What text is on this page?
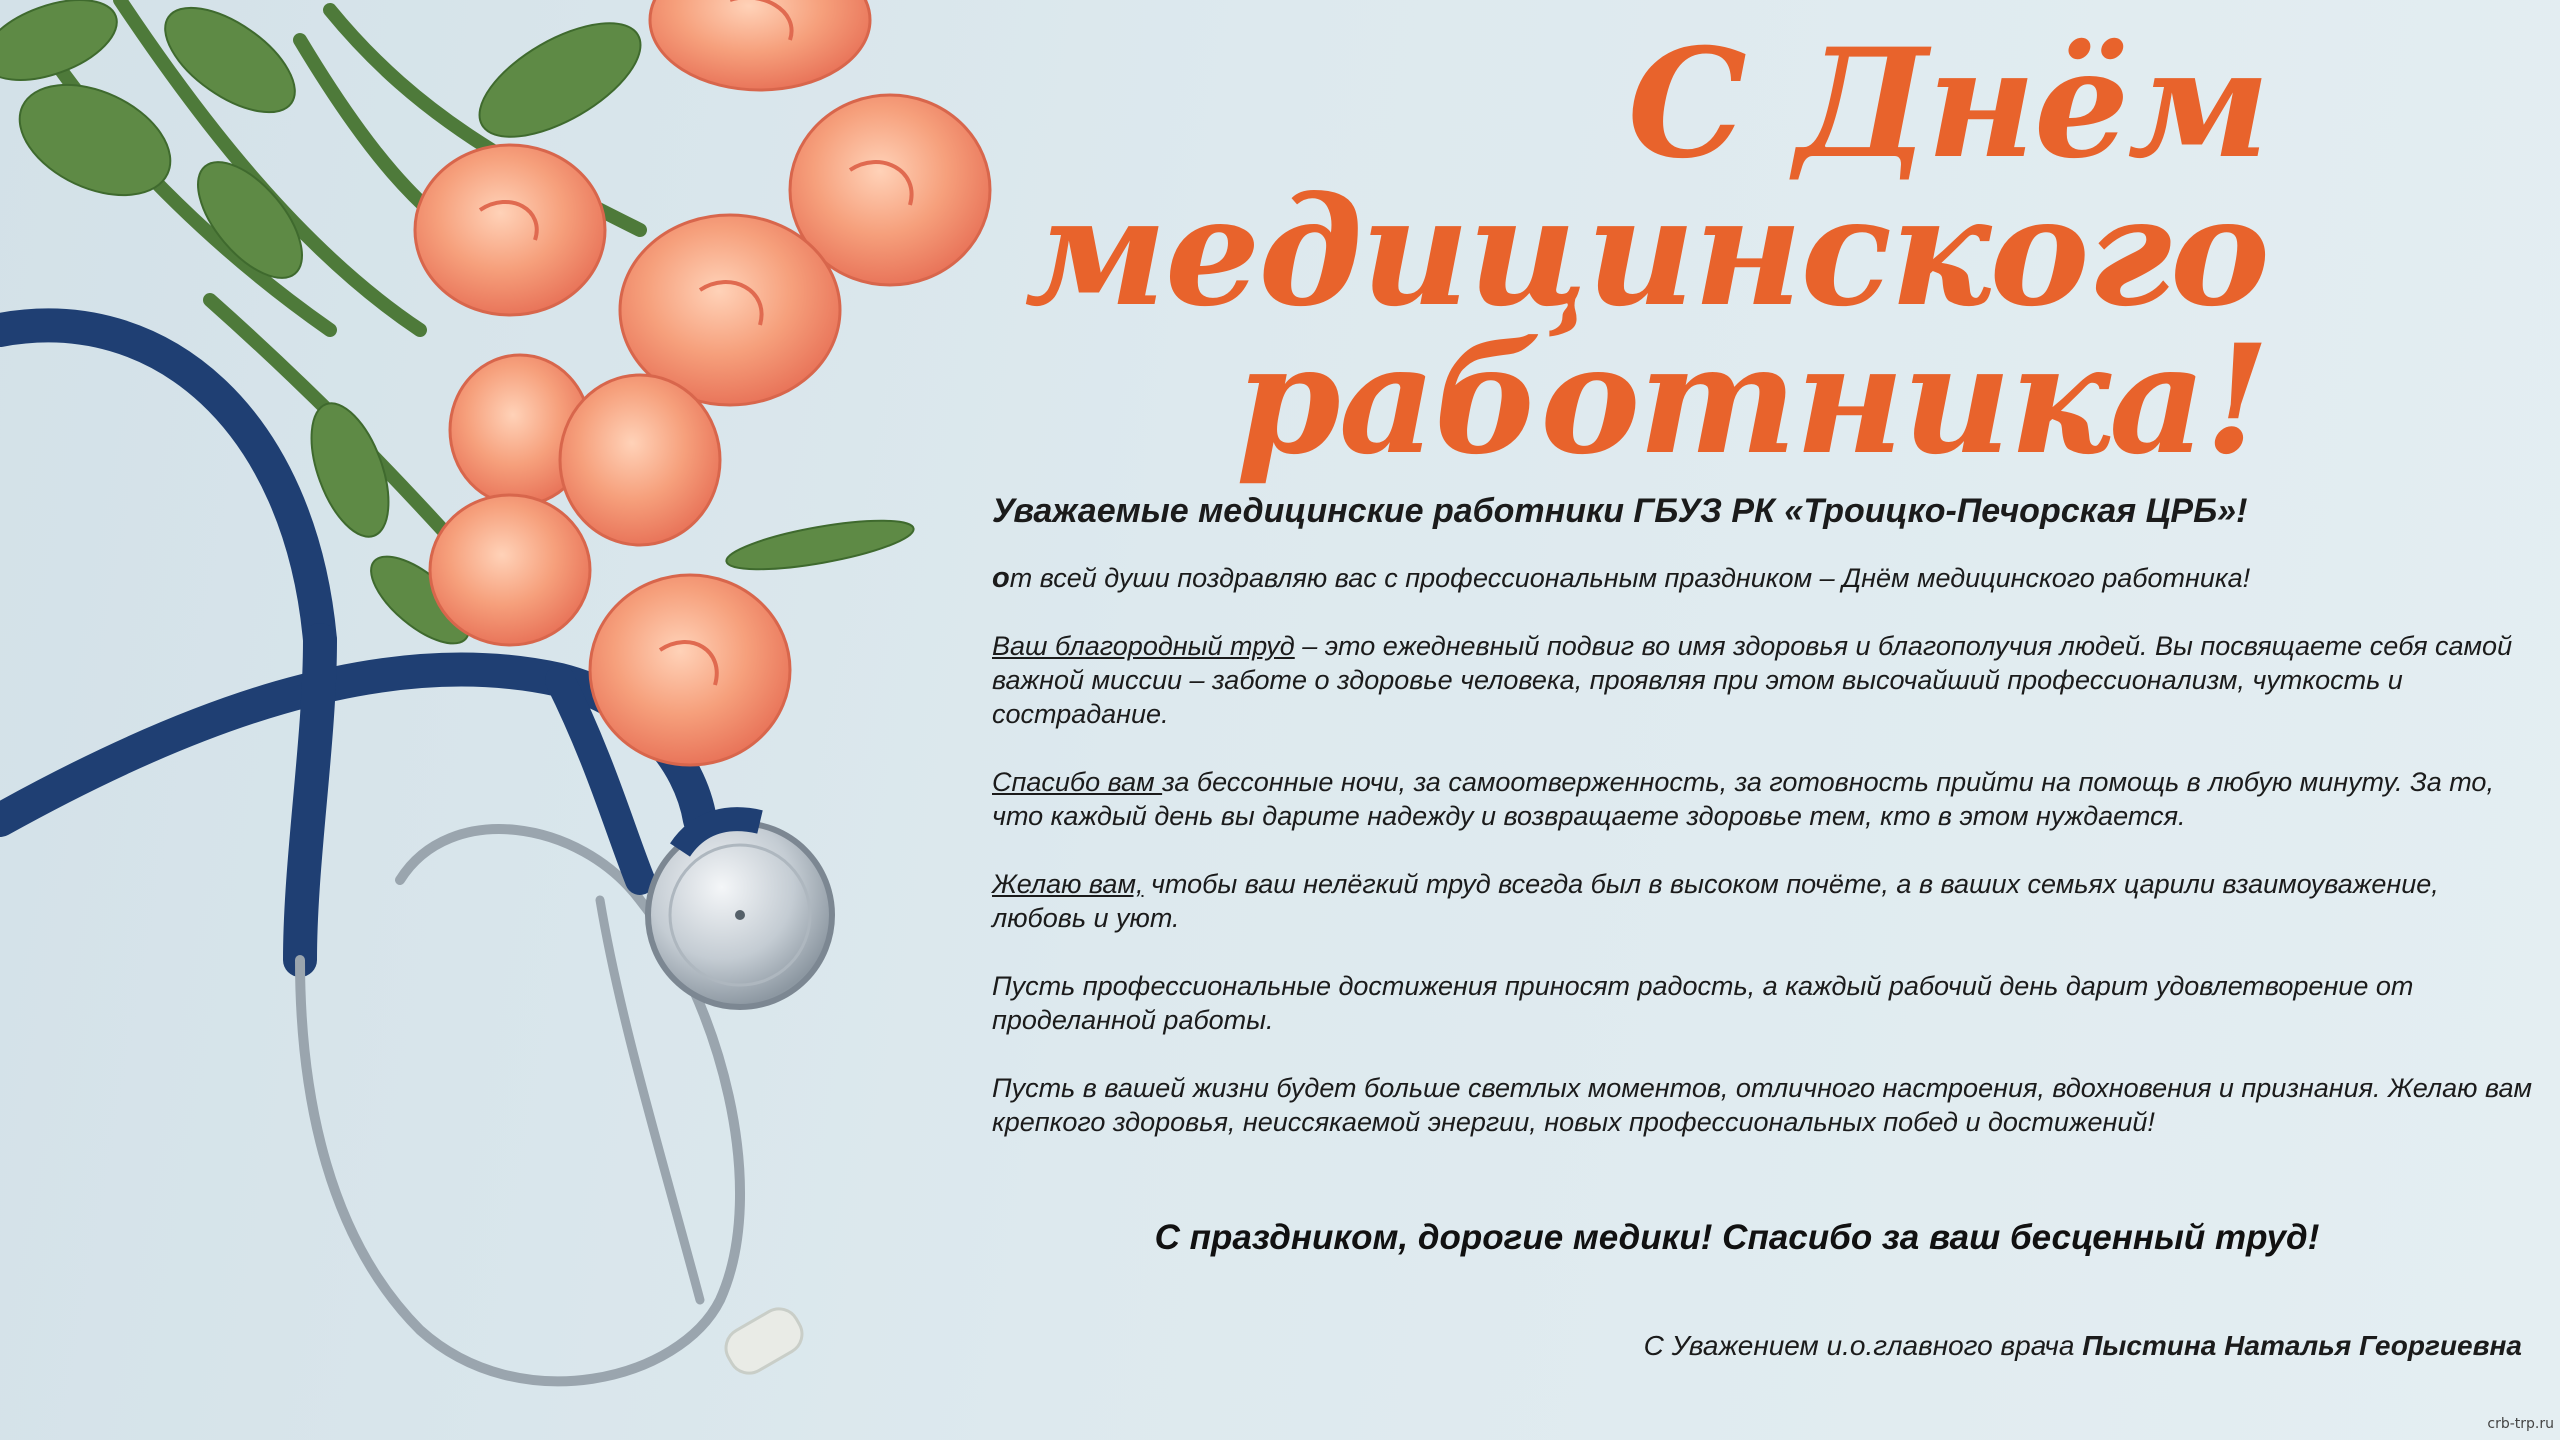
С Днём
медицинского
работника!

Уважаемые медицинские работники ГБУЗ РК «Троицко-Печорская ЦРБ»!

от всей души поздравляю вас с профессиональным праздником – Днём медицинского работника!

Ваш благородный труд – это ежедневный подвиг во имя здоровья и благополучия людей. Вы посвящаете себя самой важной миссии – заботе о здоровье человека, проявляя при этом высочайший профессионализм, чуткость и сострадание.

Спасибо вам за бессонные ночи, за самоотверженность, за готовность прийти на помощь в любую минуту. За то, что каждый день вы дарите надежду и возвращаете здоровье тем, кто в этом нуждается.

Желаю вам, чтобы ваш нелёгкий труд всегда был в высоком почёте, а в ваших семьях царили взаимоуважение, любовь и уют.

Пусть профессиональные достижения приносят радость, а каждый рабочий день дарит удовлетворение от проделанной работы.

Пусть в вашей жизни будет больше светлых моментов, отличного настроения, вдохновения и признания. Желаю вам крепкого здоровья, неиссякаемой энергии, новых профессиональных побед и достижений!

С праздником, дорогие медики! Спасибо за ваш бесценный труд!
С Уважением и.о.главного врача Пыстина Наталья Георгиевна
crb-trp.ru
